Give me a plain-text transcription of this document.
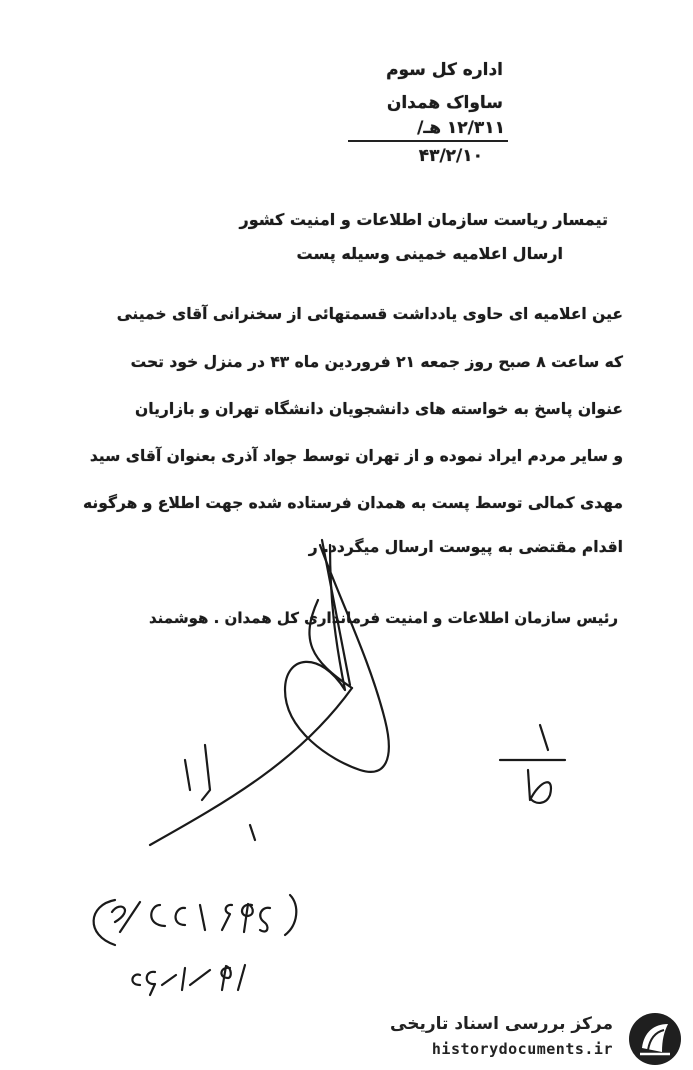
اداره کل سوم
ساواک همدان
۱۲/۳۱۱ هـ/
۴۳/۲/۱۰
تیمسار ریاست سازمان اطلاعات و امنیت کشور
ارسال اعلامیه خمینی وسیله پست
عین اعلامیه ای حاوی یادداشت قسمتهائی از سخنرانی آقای خمینی
که ساعت ۸ صبح روز جمعه ۲۱ فروردین ماه ۴۳ در منزل خود تحت
عنوان پاسخ به خواسته های دانشجویان دانشگاه تهران و بازاریان
و سایر مردم ایراد نموده و از تهران توسط جواد آذری بعنوان آقای سید
مهدی کمالی توسط پست به همدان فرستاده شده جهت اطلاع و هرگونه
اقدام مقتضی به پیوست ارسال میگردد. ر
رئیس سازمان اطلاعات و امنیت فرمانداری کل همدان . هوشمند
مرکز بررسی اسناد تاریخی
historydocuments.ir
